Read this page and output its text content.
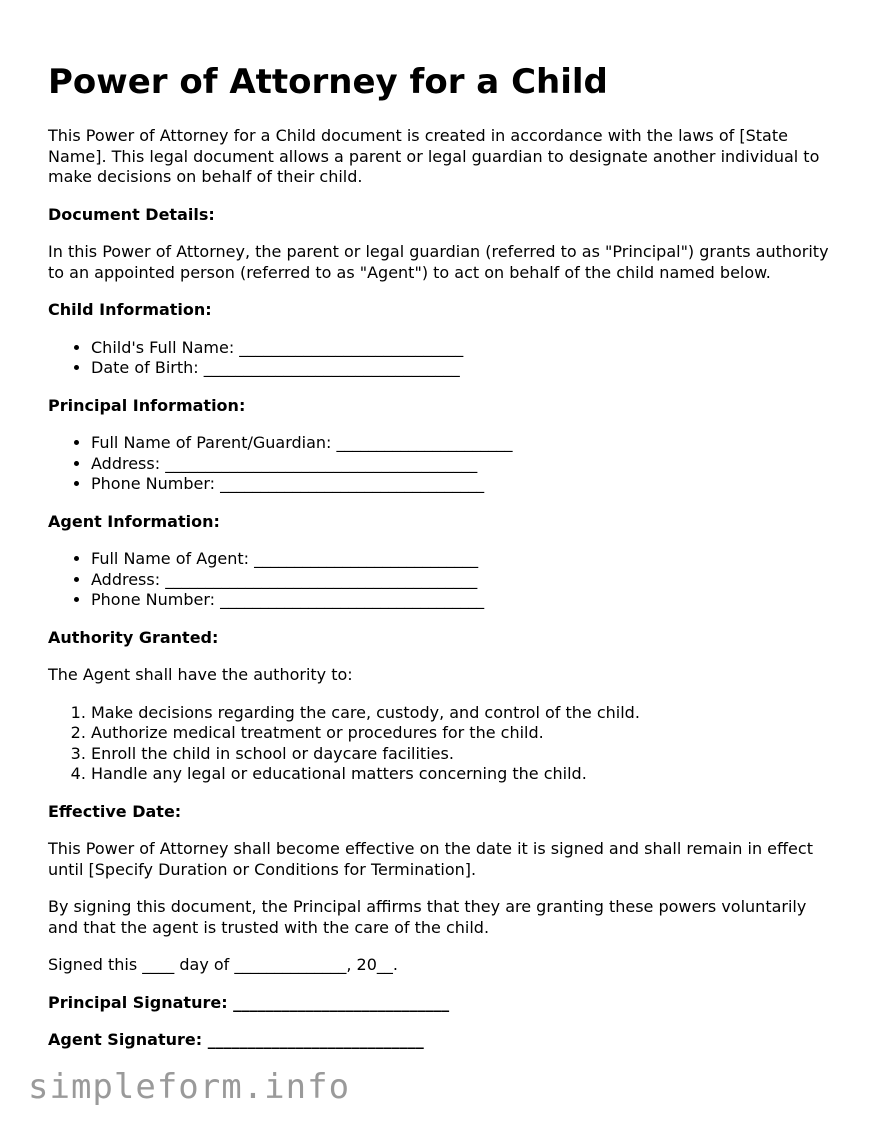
Power of Attorney for a Child

This Power of Attorney for a Child document is created in accordance with the laws of [State Name]. This legal document allows a parent or legal guardian to designate another individual to make decisions on behalf of their child.

Document Details:

In this Power of Attorney, the parent or legal guardian (referred to as "Principal") grants authority to an appointed person (referred to as "Agent") to act on behalf of the child named below.

Child Information:
• Child's Full Name: ____________________________
• Date of Birth: ________________________________
Principal Information:
• Full Name of Parent/Guardian: ______________________
• Address: _______________________________________
• Phone Number: _________________________________
Agent Information:
• Full Name of Agent: ____________________________
• Address: _______________________________________
• Phone Number: _________________________________
Authority Granted:

The Agent shall have the authority to:

1. Make decisions regarding the care, custody, and control of the child.
2. Authorize medical treatment or procedures for the child.
3. Enroll the child in school or daycare facilities.
4. Handle any legal or educational matters concerning the child.
Effective Date:

This Power of Attorney shall become effective on the date it is signed and shall remain in effect until [Specify Duration or Conditions for Termination].

By signing this document, the Principal affirms that they are granting these powers voluntarily and that the agent is trusted with the care of the child.

Signed this ____ day of ______________, 20__.

Principal Signature: ___________________________

Agent Signature: ___________________________

simpleform.info
